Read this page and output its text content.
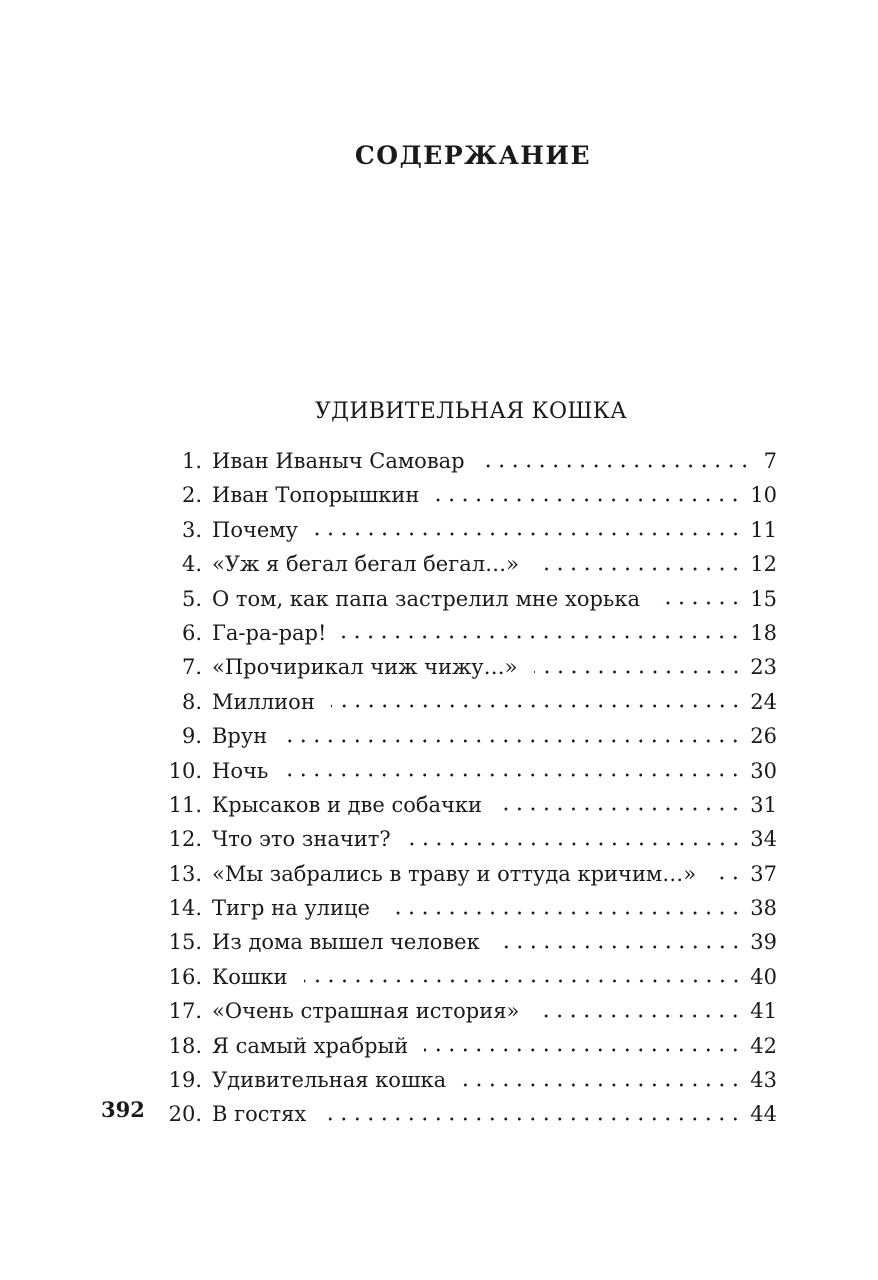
СОДЕРЖАНИЕ
УДИВИТЕЛЬНАЯ КОШКА
1. Иван Иваныч Самовар	7
2. Иван Топорышкин	10
3. Почему	11
4. «Уж я бегал бегал бегал…»	12
5. О том, как папа застрелил мне хорька	15
6. Га-ра-рар!	18
7. «Прочирикал чиж чижу…»	23
8. Миллион	24
9. Врун	26
10. Ночь	30
11. Крысаков и две собачки	31
12. Что это значит?	34
13. «Мы забрались в траву и оттуда кричим…»	37
14. Тигр на улице	38
15. Из дома вышел человек	39
16. Кошки	40
17. «Очень страшная история»	41
18. Я самый храбрый	42
19. Удивительная кошка	43
20. В гостях	44
392
